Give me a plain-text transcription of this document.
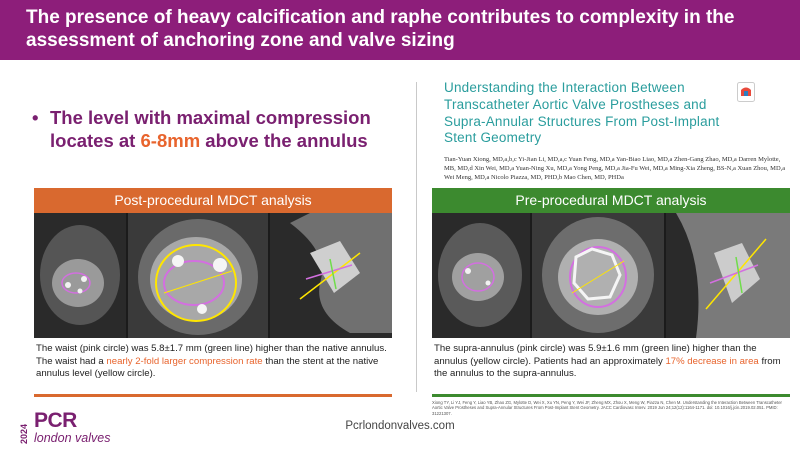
The presence of heavy calcification and raphe contributes to complexity in the assessment of anchoring zone and valve sizing
• The level with maximal compression locates at 6-8mm above the annulus
Post-procedural MDCT analysis
The waist (pink circle) was 5.8±1.7 mm (green line) higher than the native annulus. The waist had a nearly 2-fold larger compression rate than the stent at the native annulus level (yellow circle).
Pre-procedural MDCT analysis
The supra-annulus (pink circle) was 5.9±1.6 mm (green line) higher than the annulus (yellow circle). Patients had an approximately 17% decrease in area from the annulus to the supra-annulus.
Understanding the Interaction Between Transcatheter Aortic Valve Prostheses and Supra-Annular Structures From Post-Implant Stent Geometry
Tian-Yuan Xiong, MD,a,b,c Yi-Jian Li, MD,a,c Yuan Feng, MD,a Yan-Biao Liao, MD,a Zhen-Gang Zhao, MD,a Darren Mylotte, MB, MD,d Xin Wei, MD,a Yuan-Ning Xu, MD,a Yong Peng, MD,a Jia-Fu Wei, MD,a Ming-Xia Zheng, BS-N,a Xuan Zhou, MD,a Wei Meng, MD,a Nicolo Piazza, MD, PHD,b Mao Chen, MD, PHDa
Xiong TY, Li YJ, Feng Y, Liao YB, Zhao ZG, Mylotte D, Wei X, Xu YN, Peng Y, Wei JF, Zheng MX, Zhou X, Meng W, Piazza N, Chen M. Understanding the Interaction Between Transcatheter Aortic Valve Prostheses and Supra-Annular Structures From Post-Implant Stent Geometry. JACC Cardiovasc Interv. 2019 Jun 24;12(12):1164-1171. doi: 10.1016/j.jcin.2019.02.051. PMID: 31221307.
2024
PCR
london valves
Pcrlondonvalves.com
